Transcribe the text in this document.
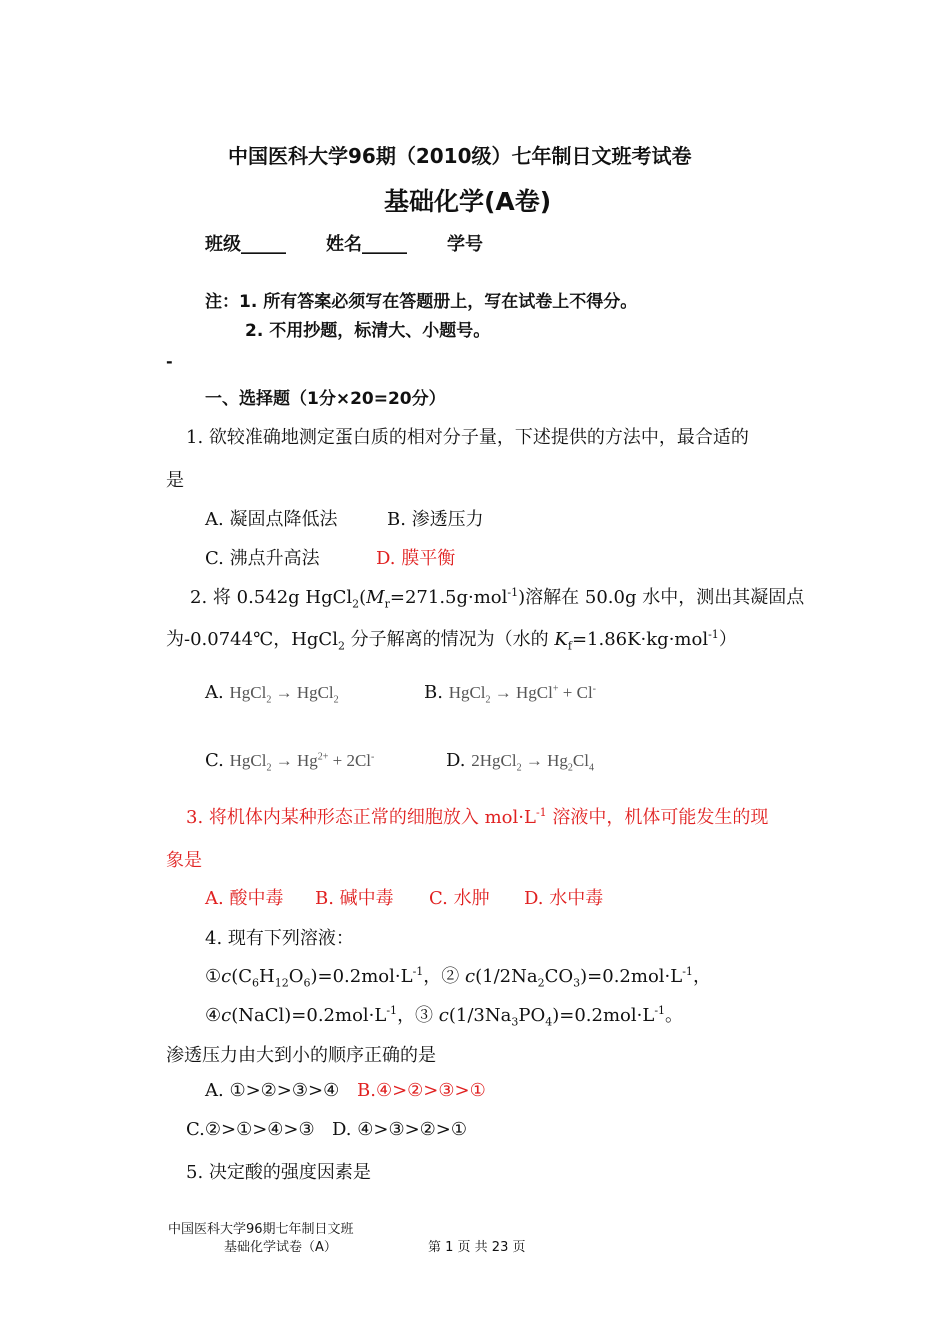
中国医科大学96期（2010级）七年制日文班考试卷
基础化学(A卷)
班级_____ 姓名_____ 学号
注：1. 所有答案必须写在答题册上，写在试卷上不得分。
2. 不用抄题，标清大、小题号。
-
一、选择题（1分×20=20分）
1. 欲较准确地测定蛋白质的相对分子量，下述提供的方法中，最合适的
是
A. 凝固点降低法	B. 渗透压力
C. 沸点升高法	D. 膜平衡
2. 将 0.542g $HgCl_2(M_r=271.5g\cdot mol^{-1})$溶解在 50.0g 水中，测出其凝固点
为-0.0744℃，HgCl$_2$ 分子解离的情况为（水的 $K_f=1.86K\cdot kg\cdot mol^{-1}$）
A. HgCl$_2$ → HgCl$_2$	B. HgCl$_2$ → HgCl+ + Cl-
C. HgCl$_2$ → $Hg^{2+} + 2Cl^-$	D. 2HgCl$_2$ → $Hg_2Cl_4$
3. 将机体内某种形态正常的细胞放入 $mol\cdot L^{-1}$ 溶液中，机体可能发生的现
象是
A. 酸中毒 B. 碱中毒 C. 水肿 D. 水中毒
4. 现有下列溶液：
$①c(C_6H_{12}O_6)=0.2mol\cdot L^{-1}$，② $c(1/2Na_2CO_3)=0.2mol\cdot L^{-1}$，
$④c(NaCl)=0.2mol\cdot L^{-1}$，③ $c(1/3Na_3PO_4)=0.2mol\cdot L^{-1}$。
渗透压力由大到小的顺序正确的是
A. ①>②>③>④ B.④>②>③>①
C.②>①>④>③ D. ④>③>②>①
5. 决定酸的强度因素是
中国医科大学96期七年制日文班
基础化学试卷（A）	第 1 页 共 23 页
